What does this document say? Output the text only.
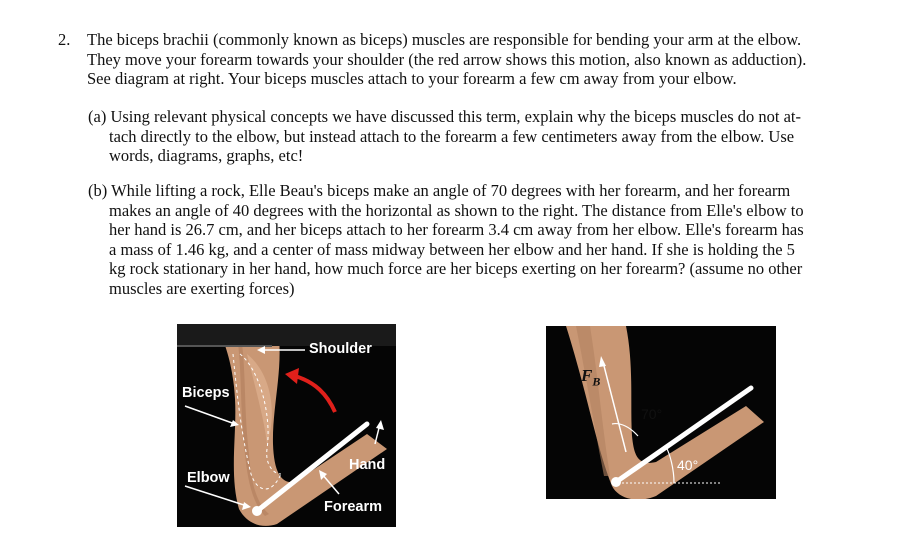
2. The biceps brachii (commonly known as biceps) muscles are responsible for bending your arm at the elbow.
They move your forearm towards your shoulder (the red arrow shows this motion, also known as adduction).
See diagram at right. Your biceps muscles attach to your forearm a few cm away from your elbow.

(a) Using relevant physical concepts we have discussed this term, explain why the biceps muscles do not at-
tach directly to the elbow, but instead attach to the forearm a few centimeters away from the elbow. Use
words, diagrams, graphs, etc!

(b) While lifting a rock, Elle Beau's biceps make an angle of 70 degrees with her forearm, and her forearm
makes an angle of 40 degrees with the horizontal as shown to the right. The distance from Elle's elbow to
her hand is 26.7 cm, and her biceps attach to her forearm 3.4 cm away from her elbow. Elle's forearm has
a mass of 1.46 kg, and a center of mass midway between her elbow and her hand. If she is holding the 5
kg rock stationary in her hand, how much force are her biceps exerting on her forearm? (assume no other
muscles are exerting forces)

Shoulder
Biceps
Hand
Elbow
Forearm
$F_B$
70°
40°
